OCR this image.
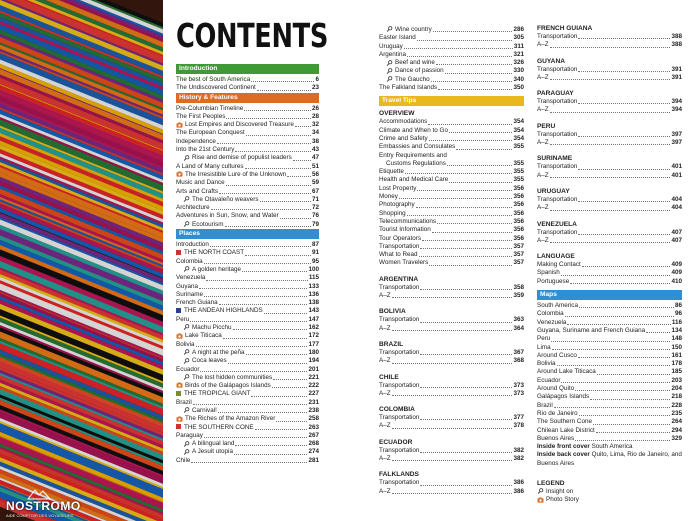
NOSTROMO
AIDE COMPTOIR DES VOYAGEURS
CONTENTS
Introduction
The best of South America	6
The Undiscovered Continent	23
History & Features
Pre-Columbian Timeline	26
The First Peoples	28
Lost Empires and Discovered Treasure	32
The European Conquest	34
Independence	38
Into the 21st Century	43
Rise and demise of populist leaders	47
A Land of Many cultures	51
The Irresistible Lure of the Unknown	56
Music and Dance	59
Arts and Crafts	67
The Otavaleño weavers	71
Architecture	72
Adventures in Sun, Snow, and Water	76
Ecotourism	79
Places
Introduction	87
THE NORTH COAST	91
Colombia	95
A golden heritage	100
Venezuela	115
Guyana	133
Suriname	136
French Guiana	138
THE ANDEAN HIGHLANDS	143
Peru	147
Machu Picchu	162
Lake Titicaca	172
Bolivia	177
A night at the peña	180
Coca leaves	194
Ecuador	201
The lost hidden communities	221
Birds of the Galápagos Islands	222
THE TROPICAL GIANT	227
Brazil	231
Carnival!	238
The Riches of the Amazon River	258
THE SOUTHERN CONE	263
Paraguay	267
A bilingual land	268
A Jesuit utopia	274
Chile	281
Wine country	286
Easter Island	305
Uruguay	311
Argentina	321
Beef and wine	326
Dance of passion	330
The Gaucho	340
The Falkland Islands	350
Travel Tips
OVERVIEW
Accommodations	354
Climate and When to Go	354
Crime and Safety	354
Embassies and Consulates	355
Entry Requirements and
Customs Regulations	355
Etiquette	355
Health and Medical Care	355
Lost Property	356
Money	356
Photography	356
Shopping	356
Telecommunications	356
Tourist Information	356
Tour Operators	356
Transportation	357
What to Read	357
Women Travelers	357
ARGENTINA
Transportation	358
A–Z	359
BOLIVIA
Transportation	363
A–Z	364
BRAZIL
Transportation	367
A–Z	368
CHILE
Transportation	373
A–Z	373
COLOMBIA
Transportation	377
A–Z	378
ECUADOR
Transportation	382
A–Z	382
FALKLANDS
Transportation	386
A–Z	386
FRENCH GUIANA
Transportation	388
A–Z	388
GUYANA
Transportation	391
A–Z	391
PARAGUAY
Transportation	394
A–Z	394
PERU
Transportation	397
A–Z	397
SURINAME
Transportation	401
A–Z	401
URUGUAY
Transportation	404
A–Z	404
VENEZUELA
Transportation	407
A–Z	407
LANGUAGE
Making Contact	409
Spanish	409
Portuguese	410
Maps
South America	86
Colombia	96
Venezuela	116
Guyana, Suriname and French Guiana	134
Peru	148
Lima	150
Around Cusco	161
Bolivia	178
Around Lake Titicaca	185
Ecuador	203
Around Quito	204
Galápagos Islands	218
Brazil	228
Rio de Janeiro	235
The Southern Cone	264
Chilean Lake District	294
Buenos Aires	329
Inside front cover South America
Inside back cover Quito, Lima, Rio de Janeiro, and Buenos Aires
LEGEND
Insight on
Photo Story
